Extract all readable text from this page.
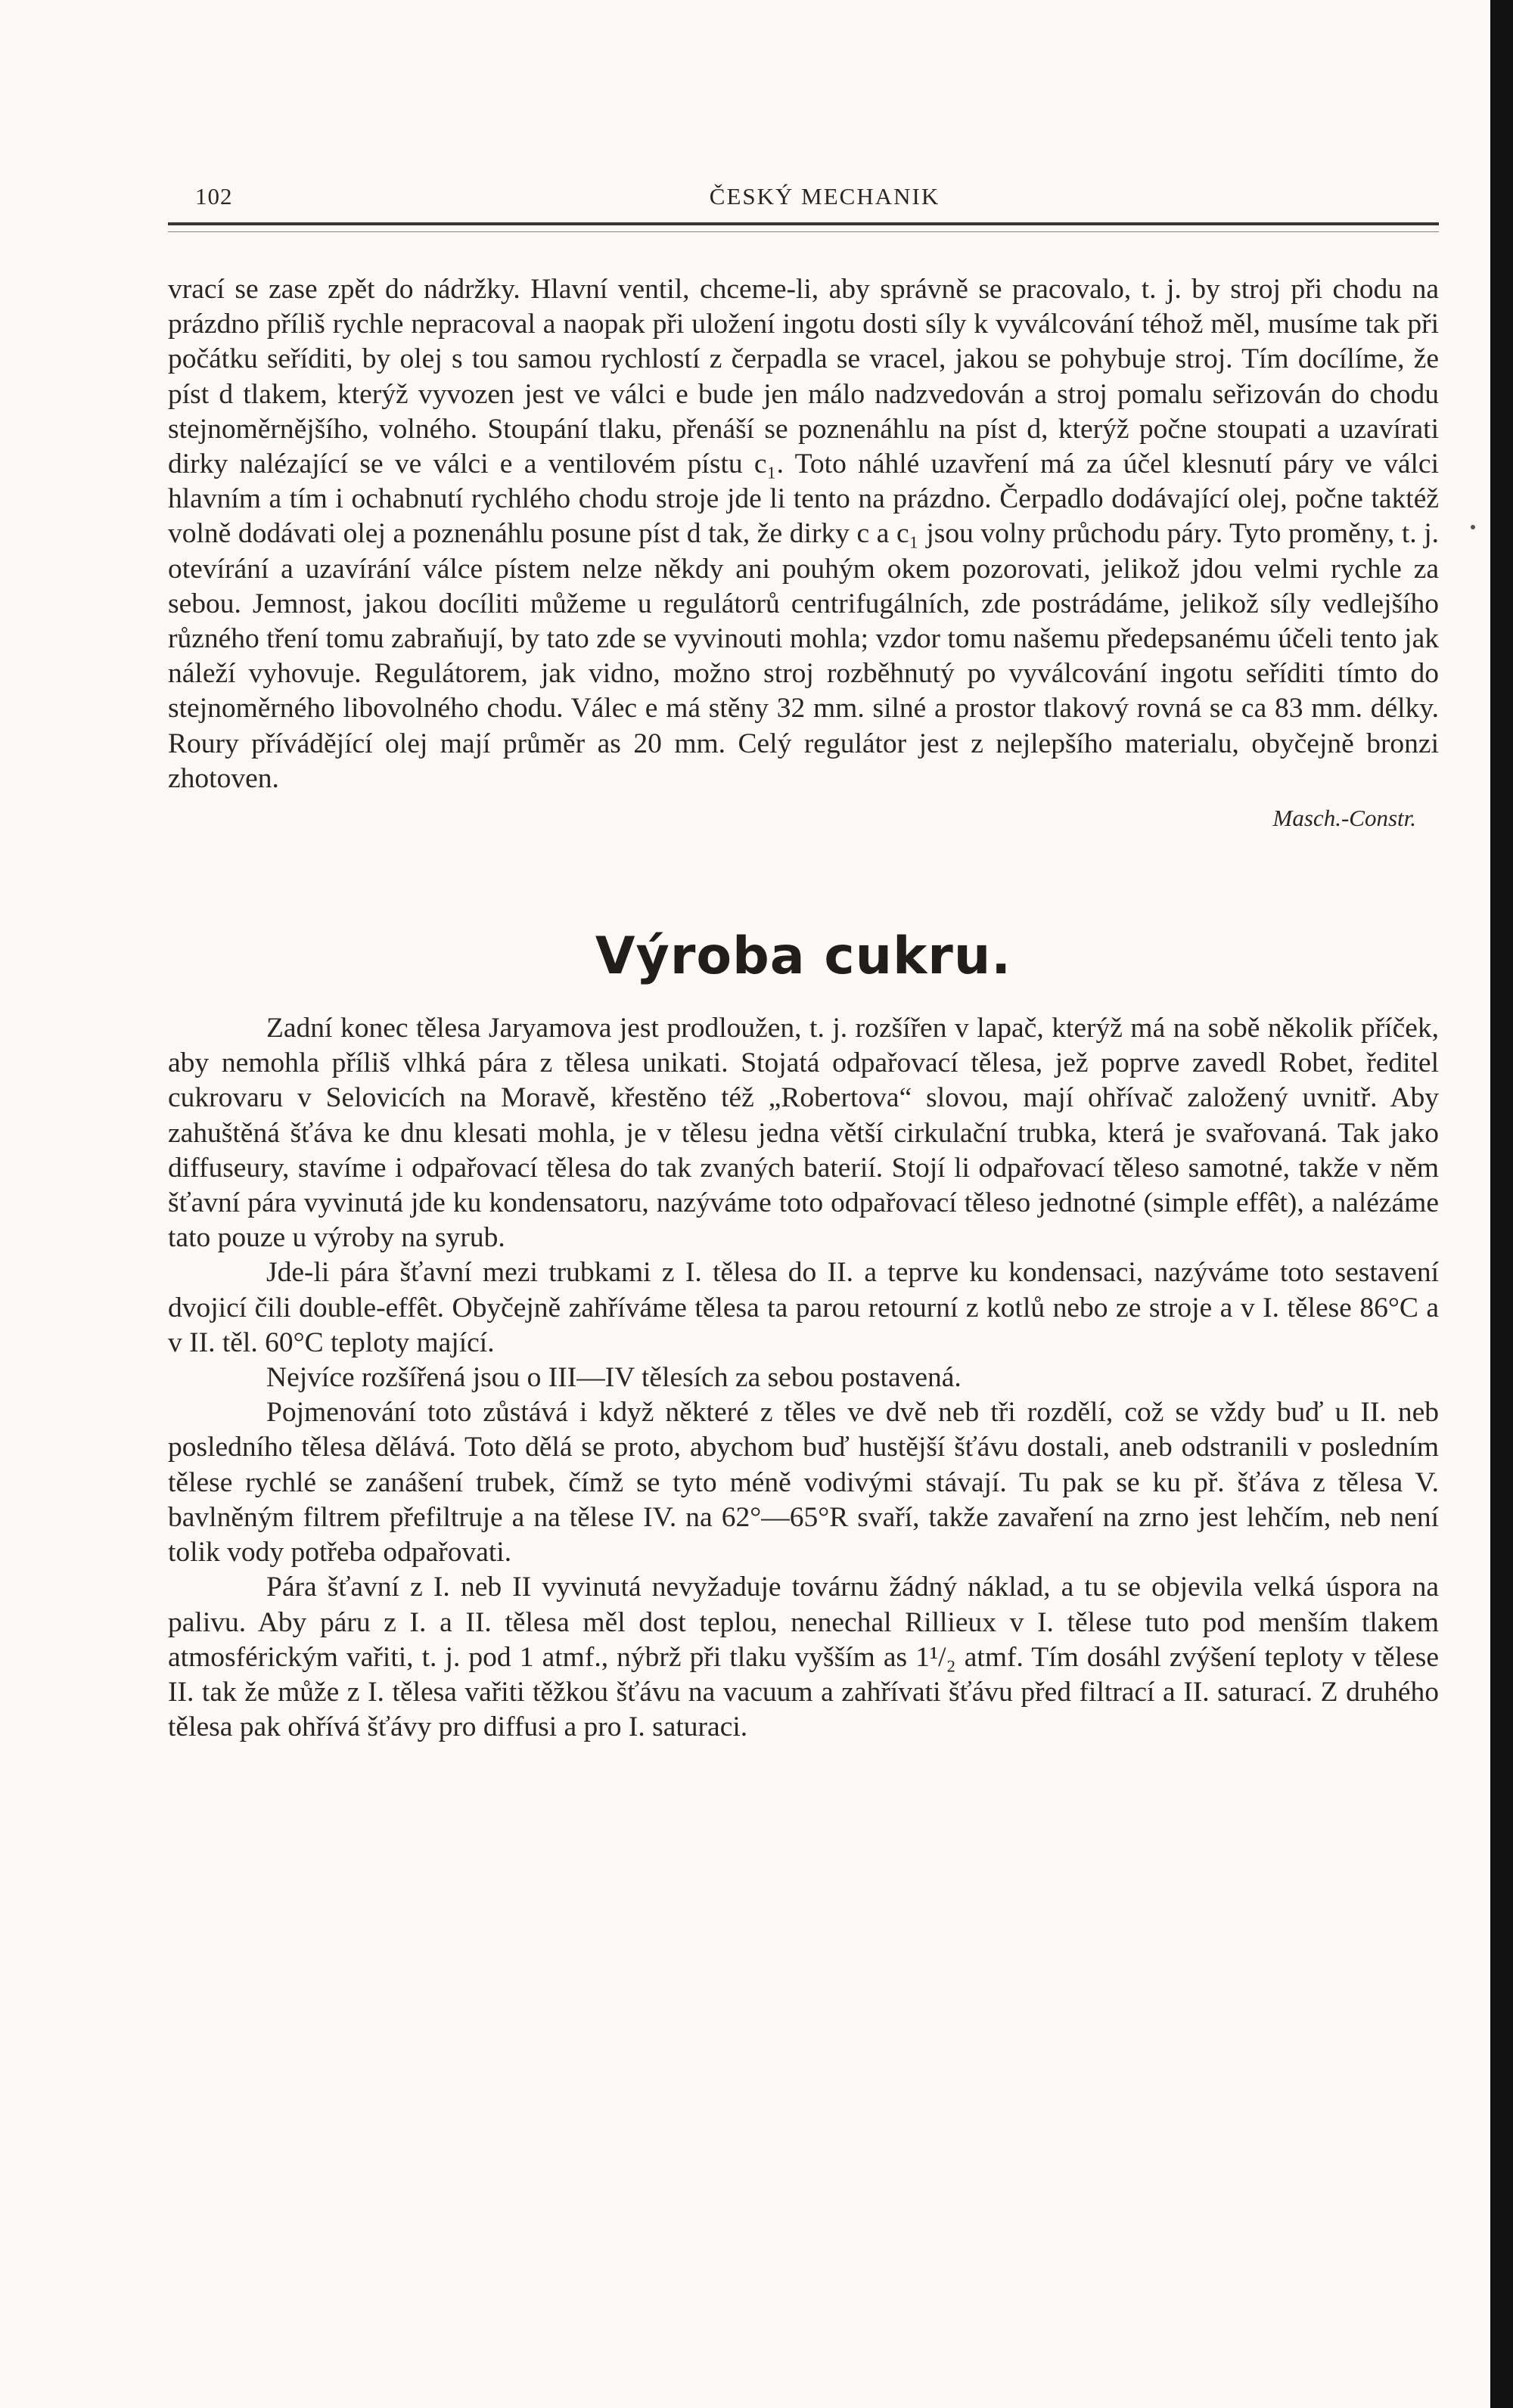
102	ČESKÝ MECHANIK

vrací se zase zpět do nádržky. Hlavní ventil, chceme-li, aby správně se pracovalo, t. j. by stroj při chodu na prázdno příliš rychle nepracoval a naopak při uložení ingotu dosti síly k vyválcování téhož měl, musíme tak při počátku seříditi, by olej s tou samou rychlostí z čerpadla se vracel, jakou se pohybuje stroj. Tím docílíme, že píst d tlakem, kterýž vyvozen jest ve válci e bude jen málo nadzvedován a stroj pomalu seřizován do chodu stejnoměrnějšího, volného. Stoupání tlaku, přenáší se poznenáhlu na píst d, kterýž počne stoupati a uzavírati dirky nalézající se ve válci e a ventilovém pístu c₁. Toto náhlé uzavření má za účel klesnutí páry ve válci hlavním a tím i ochabnutí rychlého chodu stroje jde li tento na prázdno. Čerpadlo dodávající olej, počne taktéž volně dodávati olej a poznenáhlu posune píst d tak, že dirky c a c₁ jsou volny průchodu páry. Tyto proměny, t. j. otevírání a uzavírání válce pístem nelze někdy ani pouhým okem pozorovati, jelikož jdou velmi rychle za sebou. Jemnost, jakou docíliti můžeme u regulátorů centrifugálních, zde postrádáme, jelikož síly vedlejšího různého tření tomu zabraňují, by tato zde se vyvinouti mohla; vzdor tomu našemu předepsanému účeli tento jak náleží vyhovuje. Regulátorem, jak vidno, možno stroj rozběhnutý po vyválcování ingotu seříditi tímto do stejnoměrného libovolného chodu. Válec e má stěny 32 mm. silné a prostor tlakový rovná se ca 83 mm. délky. Roury přívádějící olej mají průměr as 20 mm. Celý regulátor jest z nejlepšího materialu, obyčejně bronzi zhotoven.

Masch.-Constr.

Výroba cukru.

Zadní konec tělesa Jaryamova jest prodloužen, t. j. rozšířen v lapač, kterýž má na sobě několik příček, aby nemohla příliš vlhká pára z tělesa unikati. Stojatá odpařovací tělesa, jež poprve zavedl Robet, ředitel cukrovaru v Selovicích na Moravě, křestěno též „Robertova“ slovou, mají ohřívač založený uvnitř. Aby zahuštěná šťáva ke dnu klesati mohla, je v tělesu jedna větší cirkulační trubka, která je svařovaná. Tak jako diffuseury, stavíme i odpařovací tělesa do tak zvaných baterií. Stojí li odpařovací těleso samotné, takže v něm šťavní pára vyvinutá jde ku kondensatoru, nazýváme toto odpařovací těleso jednotné (simple effêt), a nalézáme tato pouze u výroby na syrub.

Jde-li pára šťavní mezi trubkami z I. tělesa do II. a teprve ku kondensaci, nazýváme toto sestavení dvojicí čili double-effêt. Obyčejně zahříváme tělesa ta parou retourní z kotlů nebo ze stroje a v I. tělese 86°C a v II. těl. 60°C teploty mající.

Nejvíce rozšířená jsou o III—IV tělesích za sebou postavená.

Pojmenování toto zůstává i když některé z těles ve dvě neb tři rozdělí, což se vždy buď u II. neb posledního tělesa dělává. Toto dělá se proto, abychom buď hustější šťávu dostali, aneb odstranili v posledním tělese rychlé se zanášení trubek, čímž se tyto méně vodivými stávají. Tu pak se ku př. šťáva z tělesa V. bavlněným filtrem přefiltruje a na tělese IV. na 62°—65°R svaří, takže zavaření na zrno jest lehčím, neb není tolik vody potřeba odpařovati.

Pára šťavní z I. neb II vyvinutá nevyžaduje továrnu žádný náklad, a tu se objevila velká úspora na palivu. Aby páru z I. a II. tělesa měl dost teplou, nenechal Rillieux v I. tělese tuto pod menším tlakem atmosférickým vařiti, t. j. pod 1 atmf., nýbrž při tlaku vyšším as 1¹/₂ atmf. Tím dosáhl zvýšení teploty v tělese II. tak že může z I. tělesa vařiti těžkou šťávu na vacuum a zahřívati šťávu před filtrací a II. saturací. Z druhého tělesa pak ohřívá šťávy pro diffusi a pro I. saturaci.
